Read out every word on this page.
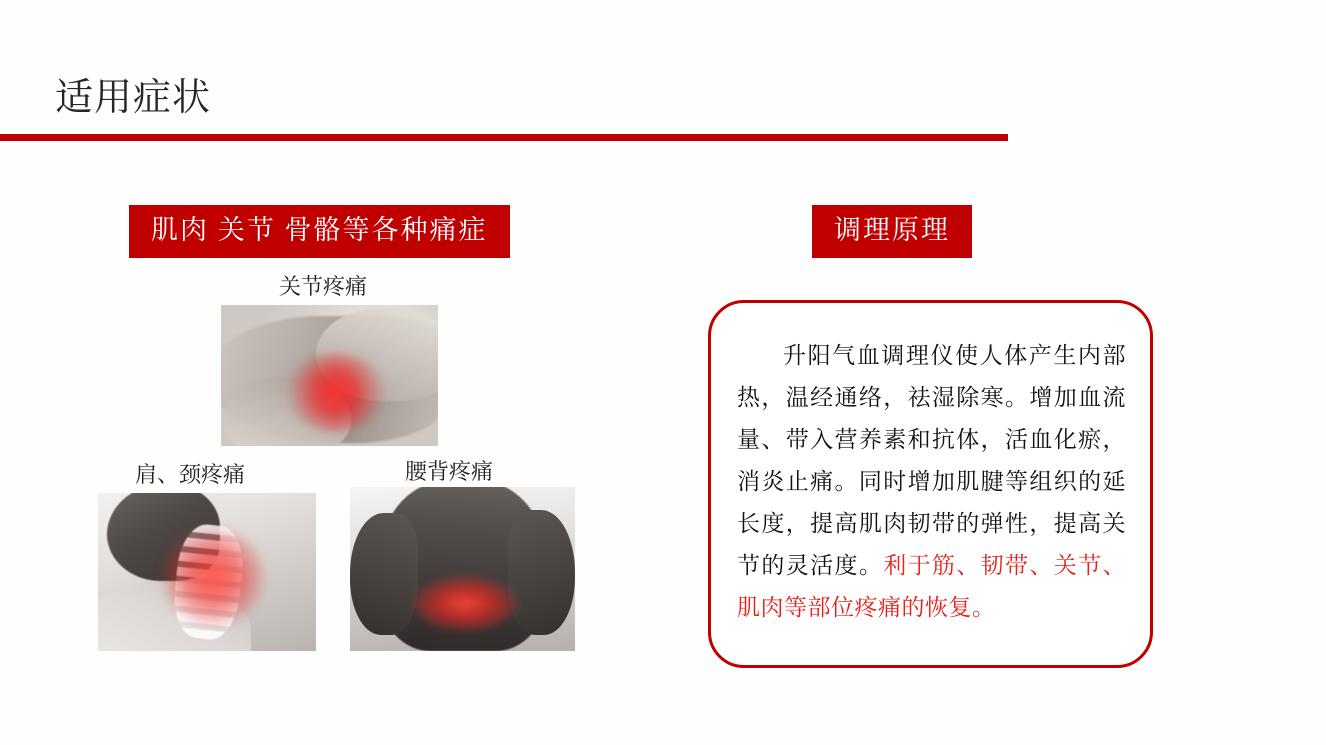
适用症状
肌肉 关节 骨骼等各种痛症
关节疼痛
肩、颈疼痛	腰背疼痛
调理原理
升阳气血调理仪使人体产生内部热，温经通络，祛湿除寒。增加血流量、带入营养素和抗体，活血化瘀，消炎止痛。同时增加肌腱等组织的延长度，提高肌肉韧带的弹性，提高关节的灵活度。利于筋、韧带、关节、肌肉等部位疼痛的恢复。
